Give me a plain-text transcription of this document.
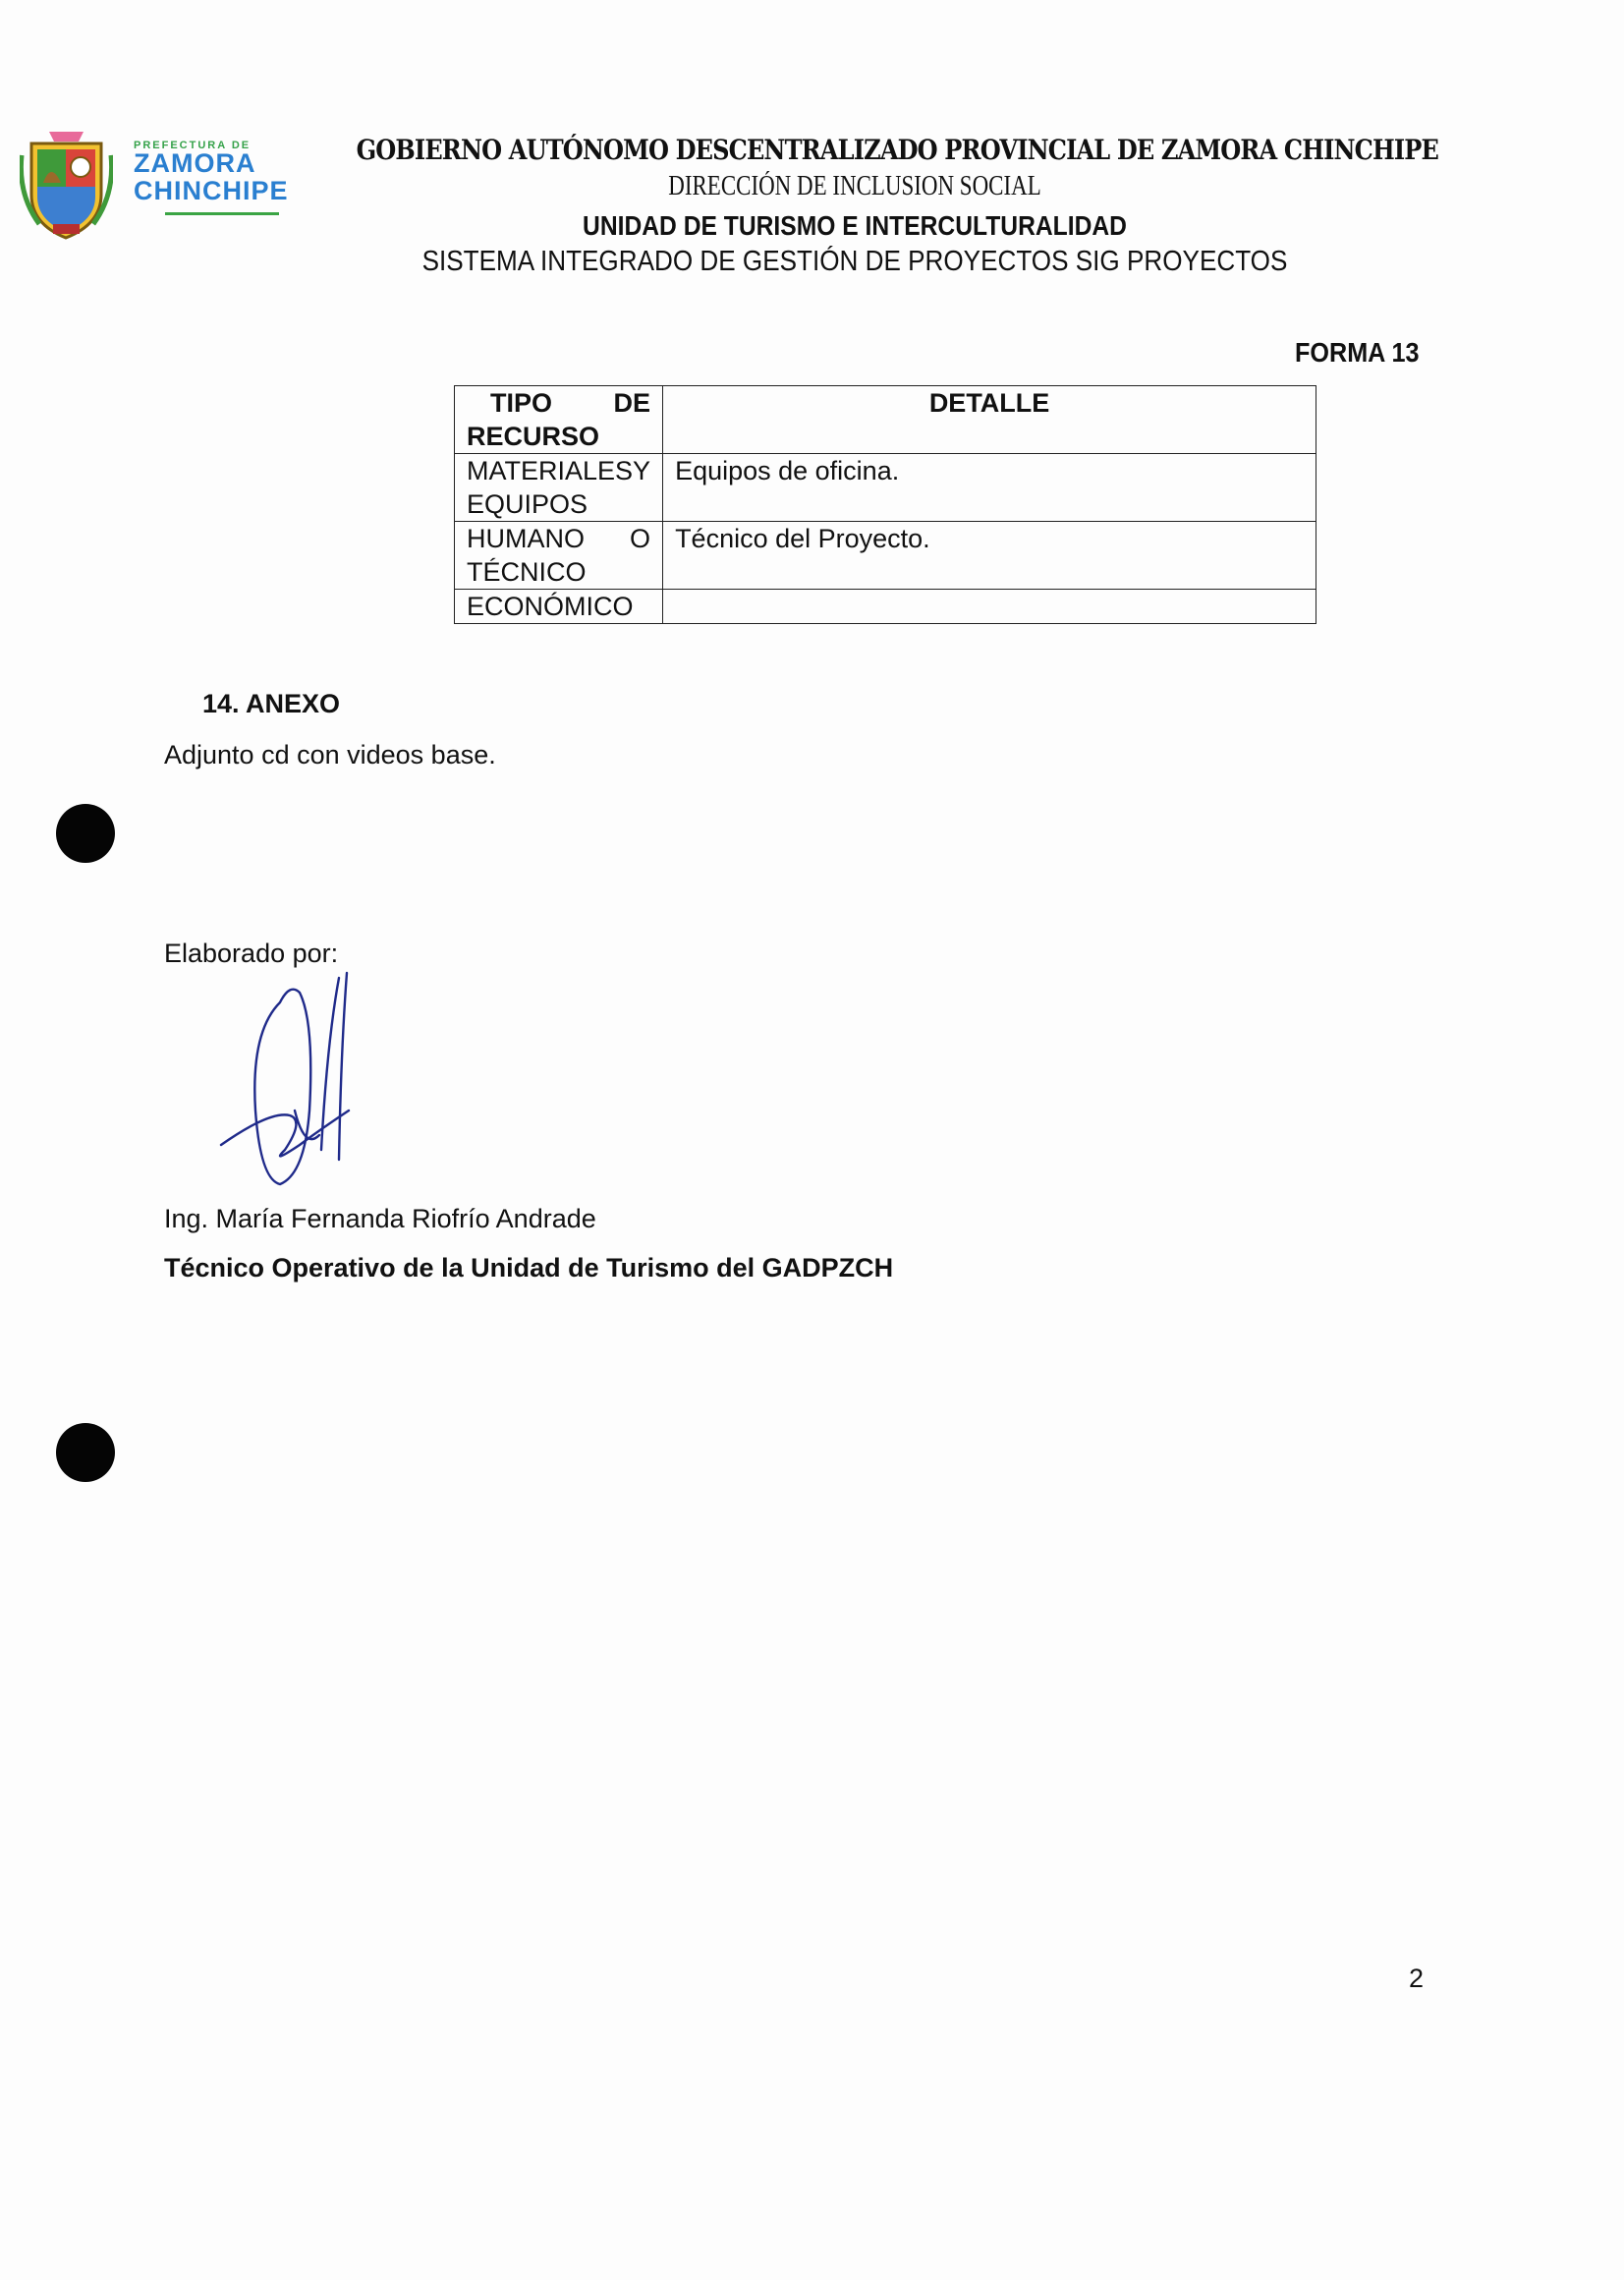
PREFECTURA DE
ZAMORA
CHINCHIPE
GOBIERNO AUTÓNOMO DESCENTRALIZADO PROVINCIAL DE ZAMORA CHINCHIPE
DIRECCIÓN DE INCLUSION SOCIAL
UNIDAD DE TURISMO E INTERCULTURALIDAD
SISTEMA INTEGRADO DE GESTIÓN DE PROYECTOS SIG PROYECTOS
FORMA 13
TIPO DE
RECURSO	DETALLE

MATERIALES Y
EQUIPOS	Equipos de oficina.

HUMANO O
TÉCNICO	Técnico del Proyecto.

ECONÓMICO	

14. ANEXO
Adjunto cd con videos base.
Elaborado por:
Ing. María Fernanda Riofrío Andrade
Técnico Operativo de la Unidad de Turismo del GADPZCH
2
